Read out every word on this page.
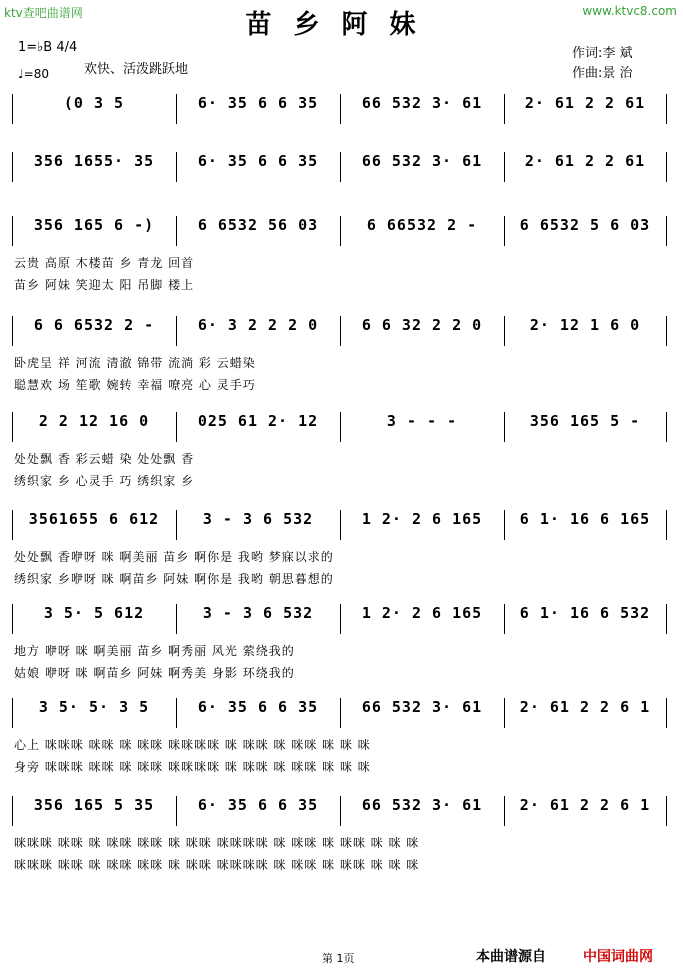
ktv查吧曲谱网	www.ktvc8.com
苗乡阿妹
1=♭B 4/4
♩=80	欢快、活泼跳跃地
作词:李 斌
作曲:景 治
(0 3 5	6· 35 6 6 35	66 532 3· 61	2· 61 2 2 61
356 1655· 35	6· 35 6 6 35	66 532 3· 61	2· 61 2 2 61
356 165 6 -)	6 6532 56 03	6 66532 2 -	6 6532 5 6 03
云贵 高原 木楼苗 乡 青龙 回首
苗乡 阿妹 笑迎太 阳 吊脚 楼上
6 6 6532 2 -	6· 3 2 2 2 0	6 6 32 2 2 0	2· 12 1 6 0
卧虎呈 祥 河流 清澈 锦带 流淌 彩 云蜡染
聪慧欢 场 笙歌 婉转 幸福 嘹亮 心 灵手巧
2 2 12 16 0	025 61 2· 12	3 - - -	356 165 5 -
处处飘 香 彩云蜡 染 处处飘 香
绣织家 乡 心灵手 巧 绣织家 乡
3561655 6 612	3 - 3 6 532	1 2· 2 6 165	6 1· 16 6 165
处处飘 香咿呀 咪 啊美丽 苗乡 啊你是 我哟 梦寐以求的
绣织家 乡咿呀 咪 啊苗乡 阿妹 啊你是 我哟 朝思暮想的
3 5· 5 612	3 - 3 6 532	1 2· 2 6 165	6 1· 16 6 532
地方 咿呀 咪 啊美丽 苗乡 啊秀丽 风光 萦绕我的
姑娘 咿呀 咪 啊苗乡 阿妹 啊秀美 身影 环绕我的
3 5· 5· 3 5	6· 35 6 6 35	66 532 3· 61	2· 61 2 2 6 1
心上 咪咪咪 咪咪 咪 咪咪 咪咪咪咪 咪 咪咪 咪 咪咪 咪 咪 咪
身旁 咪咪咪 咪咪 咪 咪咪 咪咪咪咪 咪 咪咪 咪 咪咪 咪 咪 咪
356 165 5 35	6· 35 6 6 35	66 532 3· 61	2· 61 2 2 6 1
咪咪咪 咪咪 咪 咪咪 咪咪 咪 咪咪 咪咪咪咪 咪 咪咪 咪 咪咪 咪 咪 咪
咪咪咪 咪咪 咪 咪咪 咪咪 咪 咪咪 咪咪咪咪 咪 咪咪 咪 咪咪 咪 咪 咪
第 1页	本曲谱源自	中国词曲网
